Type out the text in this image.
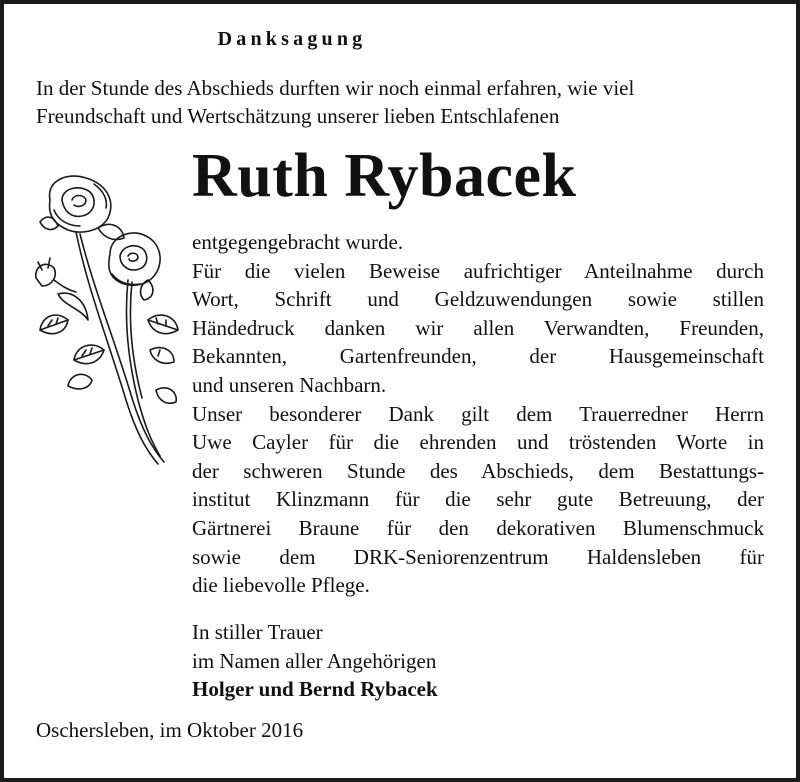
Danksagung

In der Stunde des Abschieds durften wir noch einmal erfahren, wie viel
Freundschaft und Wertschätzung unserer lieben Entschlafenen

Ruth Rybacek

entgegengebracht wurde.
Für die vielen Beweise aufrichtiger Anteilnahme durch
Wort, Schrift und Geldzuwendungen sowie stillen
Händedruck danken wir allen Verwandten, Freunden,
Bekannten, Gartenfreunden, der Hausgemeinschaft
und unseren Nachbarn.
Unser besonderer Dank gilt dem Trauerredner Herrn
Uwe Cayler für die ehrenden und tröstenden Worte in
der schweren Stunde des Abschieds, dem Bestattungs-
institut Klinzmann für die sehr gute Betreuung, der
Gärtnerei Braune für den dekorativen Blumenschmuck
sowie dem DRK-Seniorenzentrum Haldensleben für
die liebevolle Pflege.

In stiller Trauer
im Namen aller Angehörigen
Holger und Bernd Rybacek

Oschersleben, im Oktober 2016
